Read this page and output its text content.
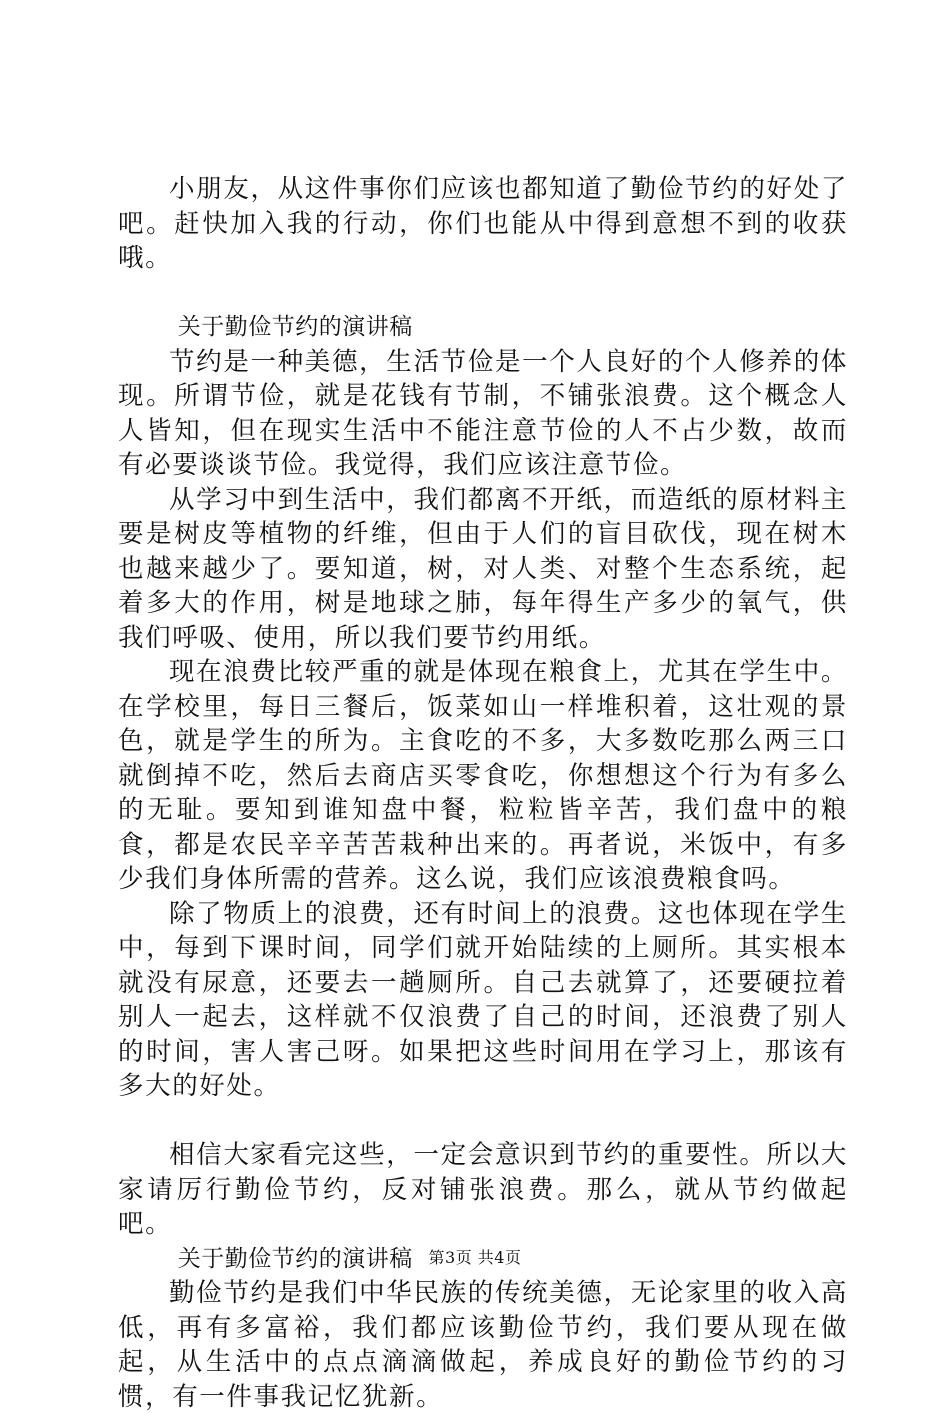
小朋友，从这件事你们应该也都知道了勤俭节约的好处了吧。赶快加入我的行动，你们也能从中得到意想不到的收获哦。

关于勤俭节约的演讲稿

节约是一种美德，生活节俭是一个人良好的个人修养的体现。所谓节俭，就是花钱有节制，不铺张浪费。这个概念人人皆知，但在现实生活中不能注意节俭的人不占少数，故而有必要谈谈节俭。我觉得，我们应该注意节俭。

从学习中到生活中，我们都离不开纸，而造纸的原材料主要是树皮等植物的纤维，但由于人们的盲目砍伐，现在树木也越来越少了。要知道，树，对人类、对整个生态系统，起着多大的作用，树是地球之肺，每年得生产多少的氧气，供我们呼吸、使用，所以我们要节约用纸。

现在浪费比较严重的就是体现在粮食上，尤其在学生中。在学校里，每日三餐后，饭菜如山一样堆积着，这壮观的景色，就是学生的所为。主食吃的不多，大多数吃那么两三口就倒掉不吃，然后去商店买零食吃，你想想这个行为有多么的无耻。要知到谁知盘中餐，粒粒皆辛苦，我们盘中的粮食，都是农民辛辛苦苦栽种出来的。再者说，米饭中，有多少我们身体所需的营养。这么说，我们应该浪费粮食吗。

除了物质上的浪费，还有时间上的浪费。这也体现在学生中，每到下课时间，同学们就开始陆续的上厕所。其实根本就没有尿意，还要去一趟厕所。自己去就算了，还要硬拉着别人一起去，这样就不仅浪费了自己的时间，还浪费了别人的时间，害人害己呀。如果把这些时间用在学习上，那该有多大的好处。

相信大家看完这些，一定会意识到节约的重要性。所以大家请厉行勤俭节约，反对铺张浪费。那么，就从节约做起吧。

关于勤俭节约的演讲稿

勤俭节约是我们中华民族的传统美德，无论家里的收入高低，再有多富裕，我们都应该勤俭节约，我们要从现在做起，从生活中的点点滴滴做起，养成良好的勤俭节约的习惯，有一件事我记忆犹新。

第3页 共4页
